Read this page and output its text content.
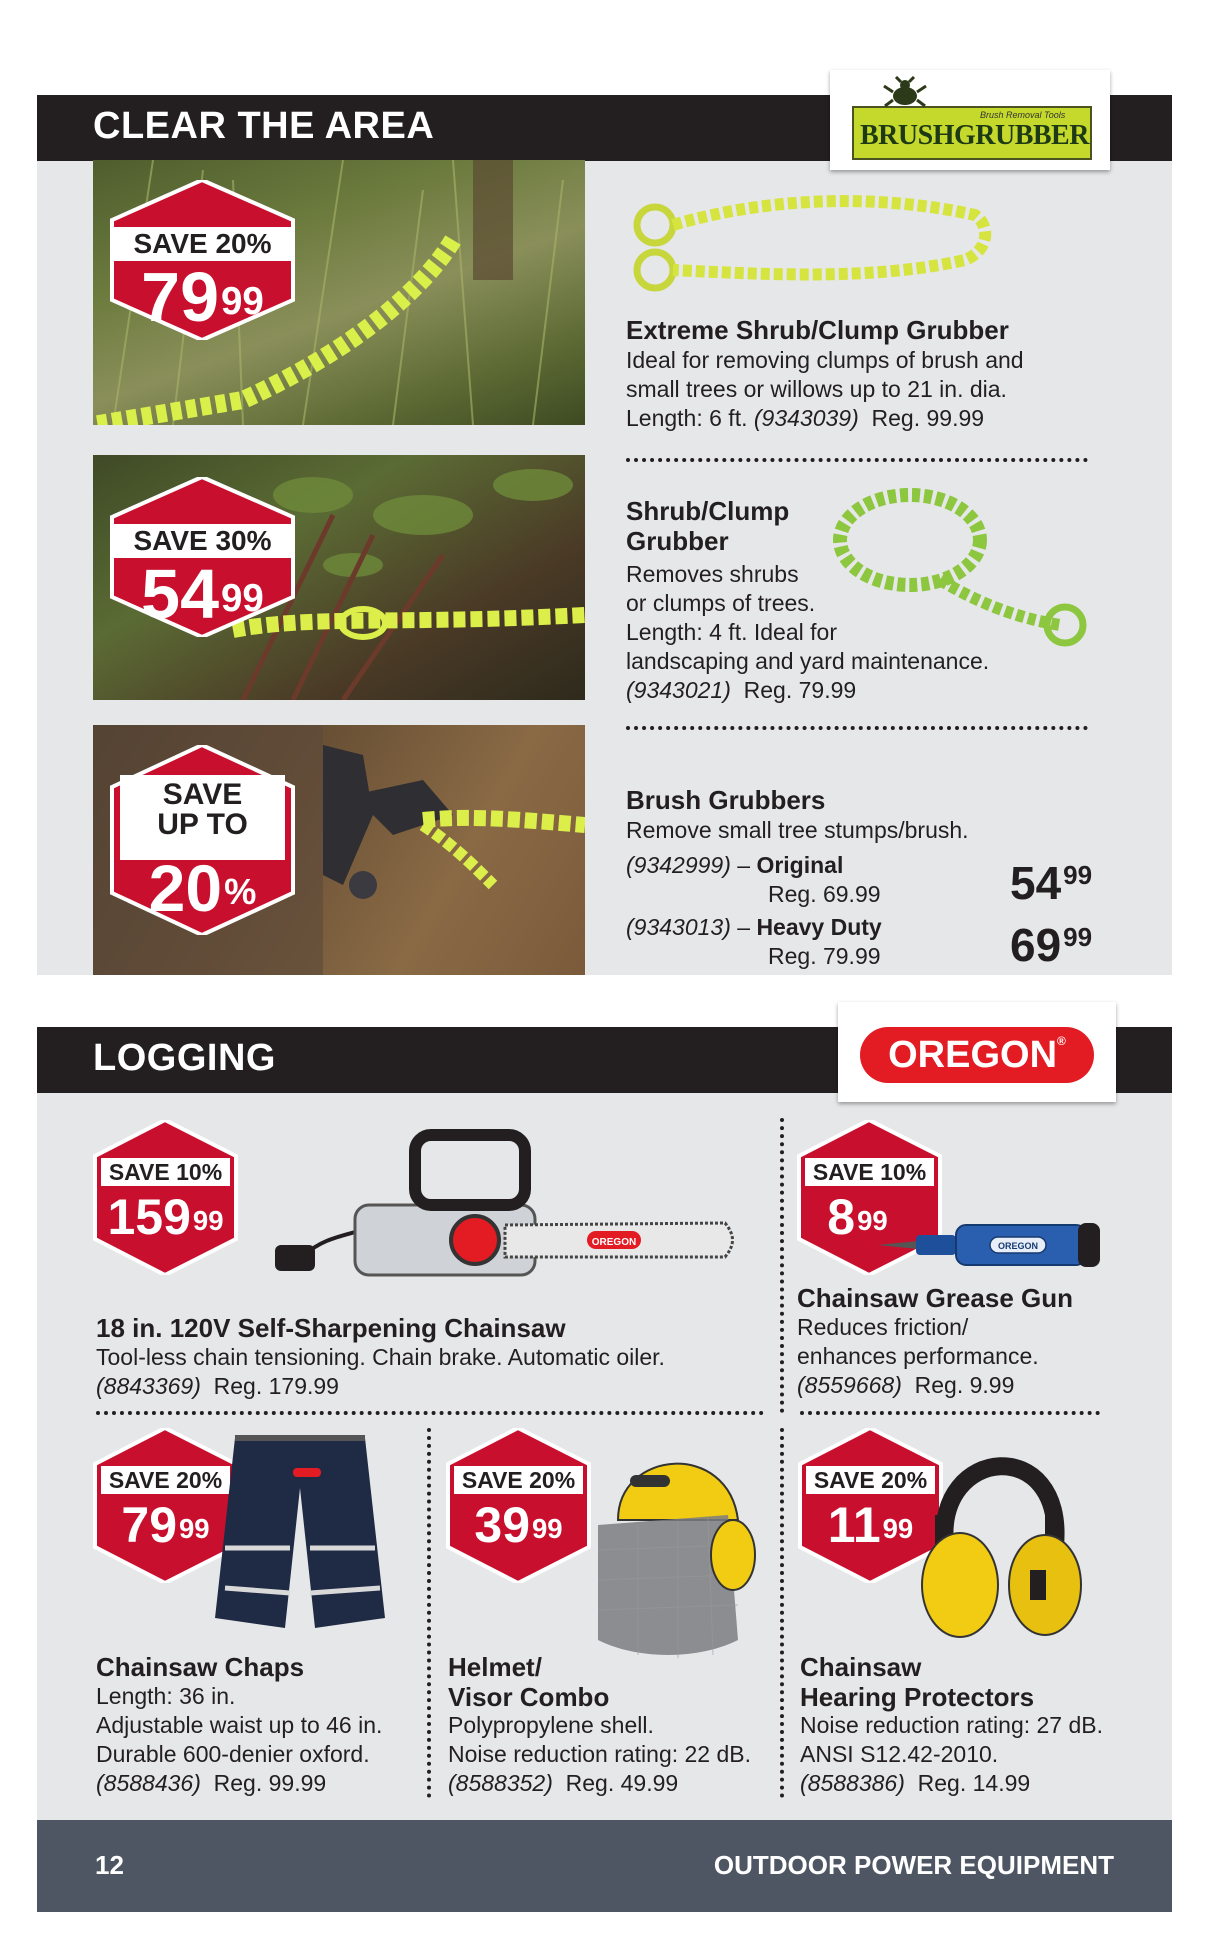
CLEAR THE AREA	Brush Removal Tools
BRUSHGRUBBER
SAVE 20%
$79^{99}$
Extreme Shrub/Clump Grubber
Ideal for removing clumps of brush and
small trees or willows up to 21 in. dia.
Length: 6 ft. (9343039) Reg. 99.99
SAVE 30%
$54^{99}$
Shrub/Clump
Grubber
Removes shrubs
or clumps of trees.
Length: 4 ft. Ideal for
landscaping and yard maintenance.
(9343021) Reg. 79.99
SAVE
UP TO
20%
Brush Grubbers
Remove small tree stumps/brush.
(9342999) – Original
Reg. 69.99	$54^{99}$
(9343013) – Heavy Duty
Reg. 79.99	$69^{99}$
LOGGING	OREGON®
SAVE 10%
$159^{99}$
OREGON
18 in. 120V Self-Sharpening Chainsaw
Tool-less chain tensioning. Chain brake. Automatic oiler.
(8843369) Reg. 179.99
SAVE 10%
$8^{99}$
OREGON
Chainsaw Grease Gun
Reduces friction/
enhances performance.
(8559668) Reg. 9.99
SAVE 20%
$79^{99}$
Chainsaw Chaps
Length: 36 in.
Adjustable waist up to 46 in.
Durable 600-denier oxford.
(8588436) Reg. 99.99
SAVE 20%
$39^{99}$
Helmet/
Visor Combo
Polypropylene shell.
Noise reduction rating: 22 dB.
(8588352) Reg. 49.99
SAVE 20%
$11^{99}$
Chainsaw
Hearing Protectors
Noise reduction rating: 27 dB.
ANSI S12.42-2010.
(8588386) Reg. 14.99
12	OUTDOOR POWER EQUIPMENT
